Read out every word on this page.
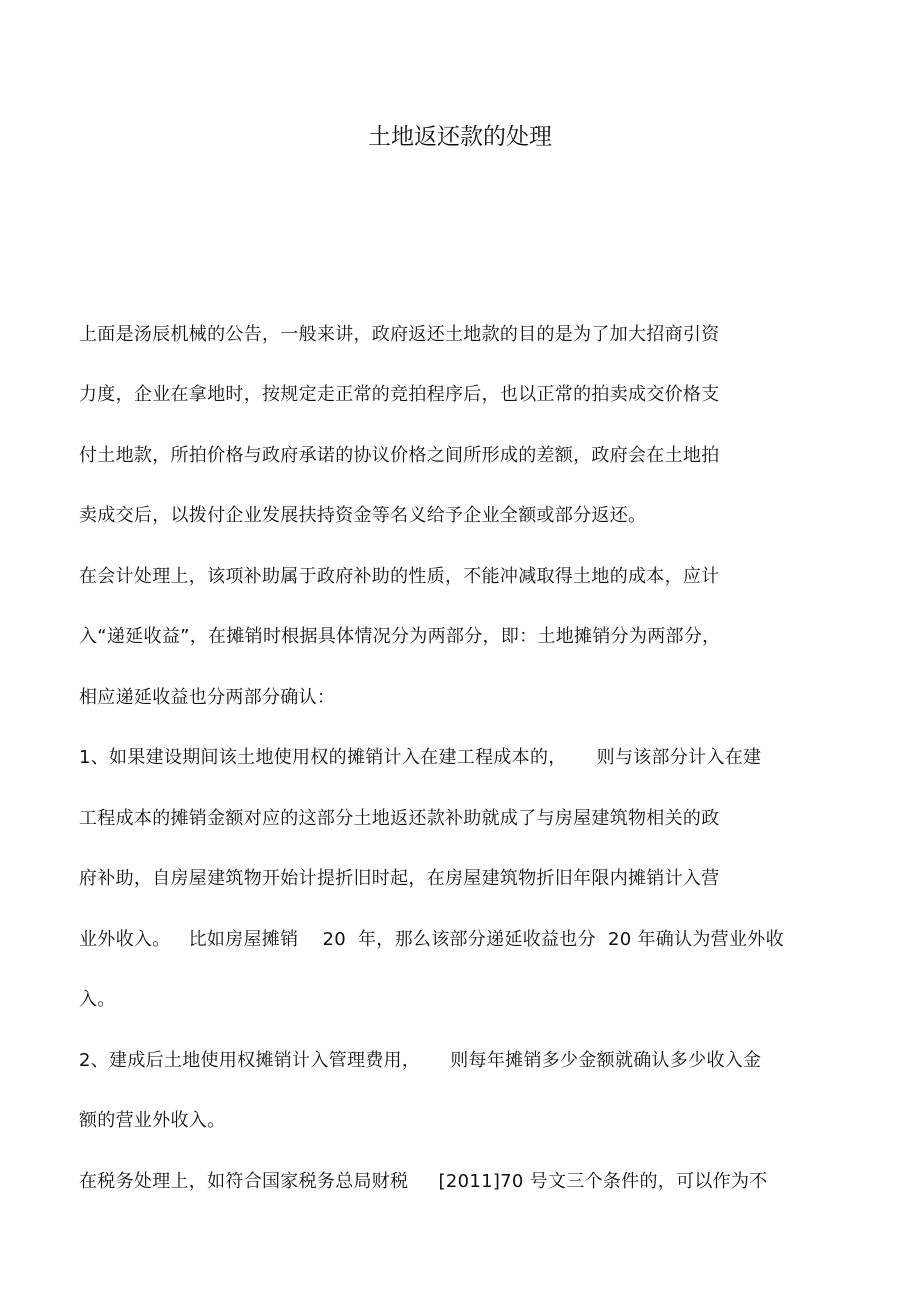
土地返还款的处理
上面是汤辰机械的公告，一般来讲，政府返还土地款的目的是为了加大招商引资
力度，企业在拿地时，按规定走正常的竞拍程序后，也以正常的拍卖成交价格支
付土地款，所拍价格与政府承诺的协议价格之间所形成的差额，政府会在土地拍
卖成交后，以拨付企业发展扶持资金等名义给予企业全额或部分返还。
在会计处理上，该项补助属于政府补助的性质，不能冲减取得土地的成本，应计
入“递延收益”，在摊销时根据具体情况分为两部分，即：土地摊销分为两部分，
相应递延收益也分两部分确认：
1、如果建设期间该土地使用权的摊销计入在建工程成本的，     则与该部分计入在建
工程成本的摊销金额对应的这部分土地返还款补助就成了与房屋建筑物相关的政
府补助，自房屋建筑物开始计提折旧时起，在房屋建筑物折旧年限内摊销计入营
业外收入。   比如房屋摊销    20  年，那么该部分递延收益也分  20 年确认为营业外收
入。
2、建成后土地使用权摊销计入管理费用，     则每年摊销多少金额就确认多少收入金
额的营业外收入。
在税务处理上，如符合国家税务总局财税     [2011]70 号文三个条件的，可以作为不
